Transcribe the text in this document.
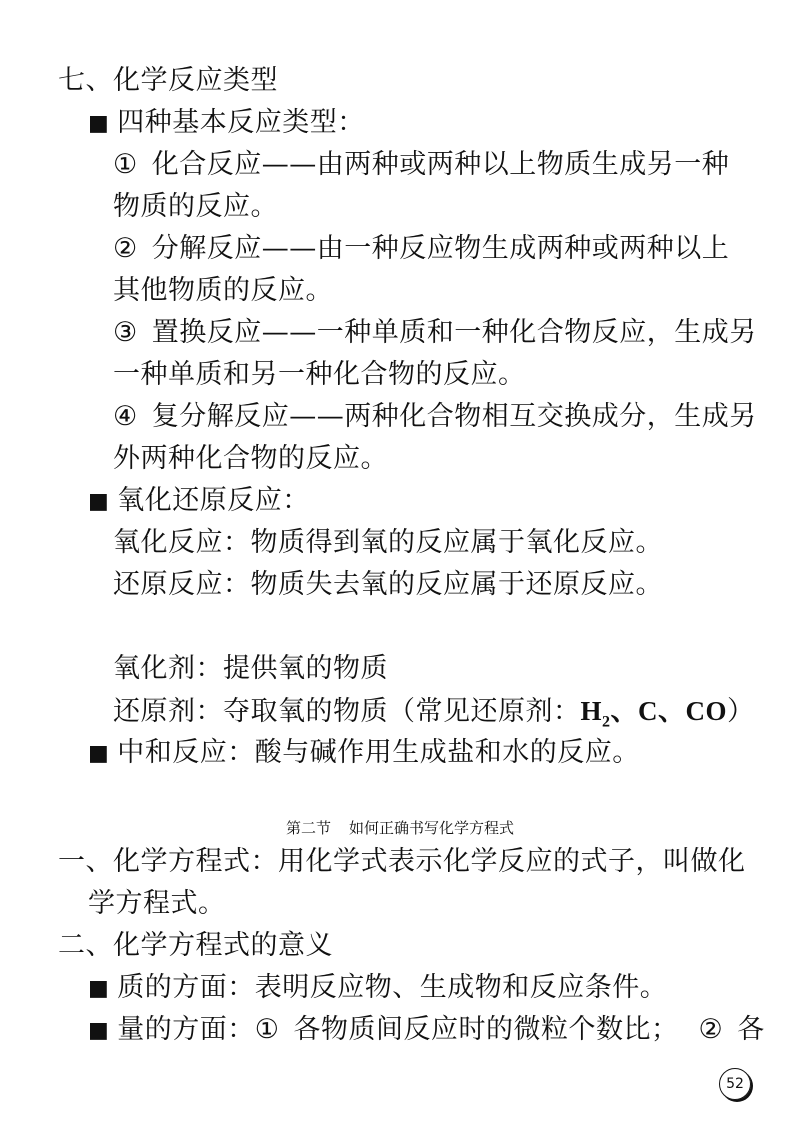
七、化学反应类型

■ 四种基本反应类型：

① 化合反应——由两种或两种以上物质生成另一种

物质的反应。

② 分解反应——由一种反应物生成两种或两种以上

其他物质的反应。

③ 置换反应——一种单质和一种化合物反应，生成另

一种单质和另一种化合物的反应。

④ 复分解反应——两种化合物相互交换成分，生成另

外两种化合物的反应。

■ 氧化还原反应：

氧化反应：物质得到氧的反应属于氧化反应。

还原反应：物质失去氧的反应属于还原反应。

氧化剂：提供氧的物质

还原剂：夺取氧的物质（常见还原剂：$H_2$、C、CO）

■ 中和反应：酸与碱作用生成盐和水的反应。

第二节 如何正确书写化学方程式

一、化学方程式：用化学式表示化学反应的式子，叫做化

学方程式。

二、化学方程式的意义

■ 质的方面：表明反应物、生成物和反应条件。

■ 量的方面：① 各物质间反应时的微粒个数比； ② 各

52
